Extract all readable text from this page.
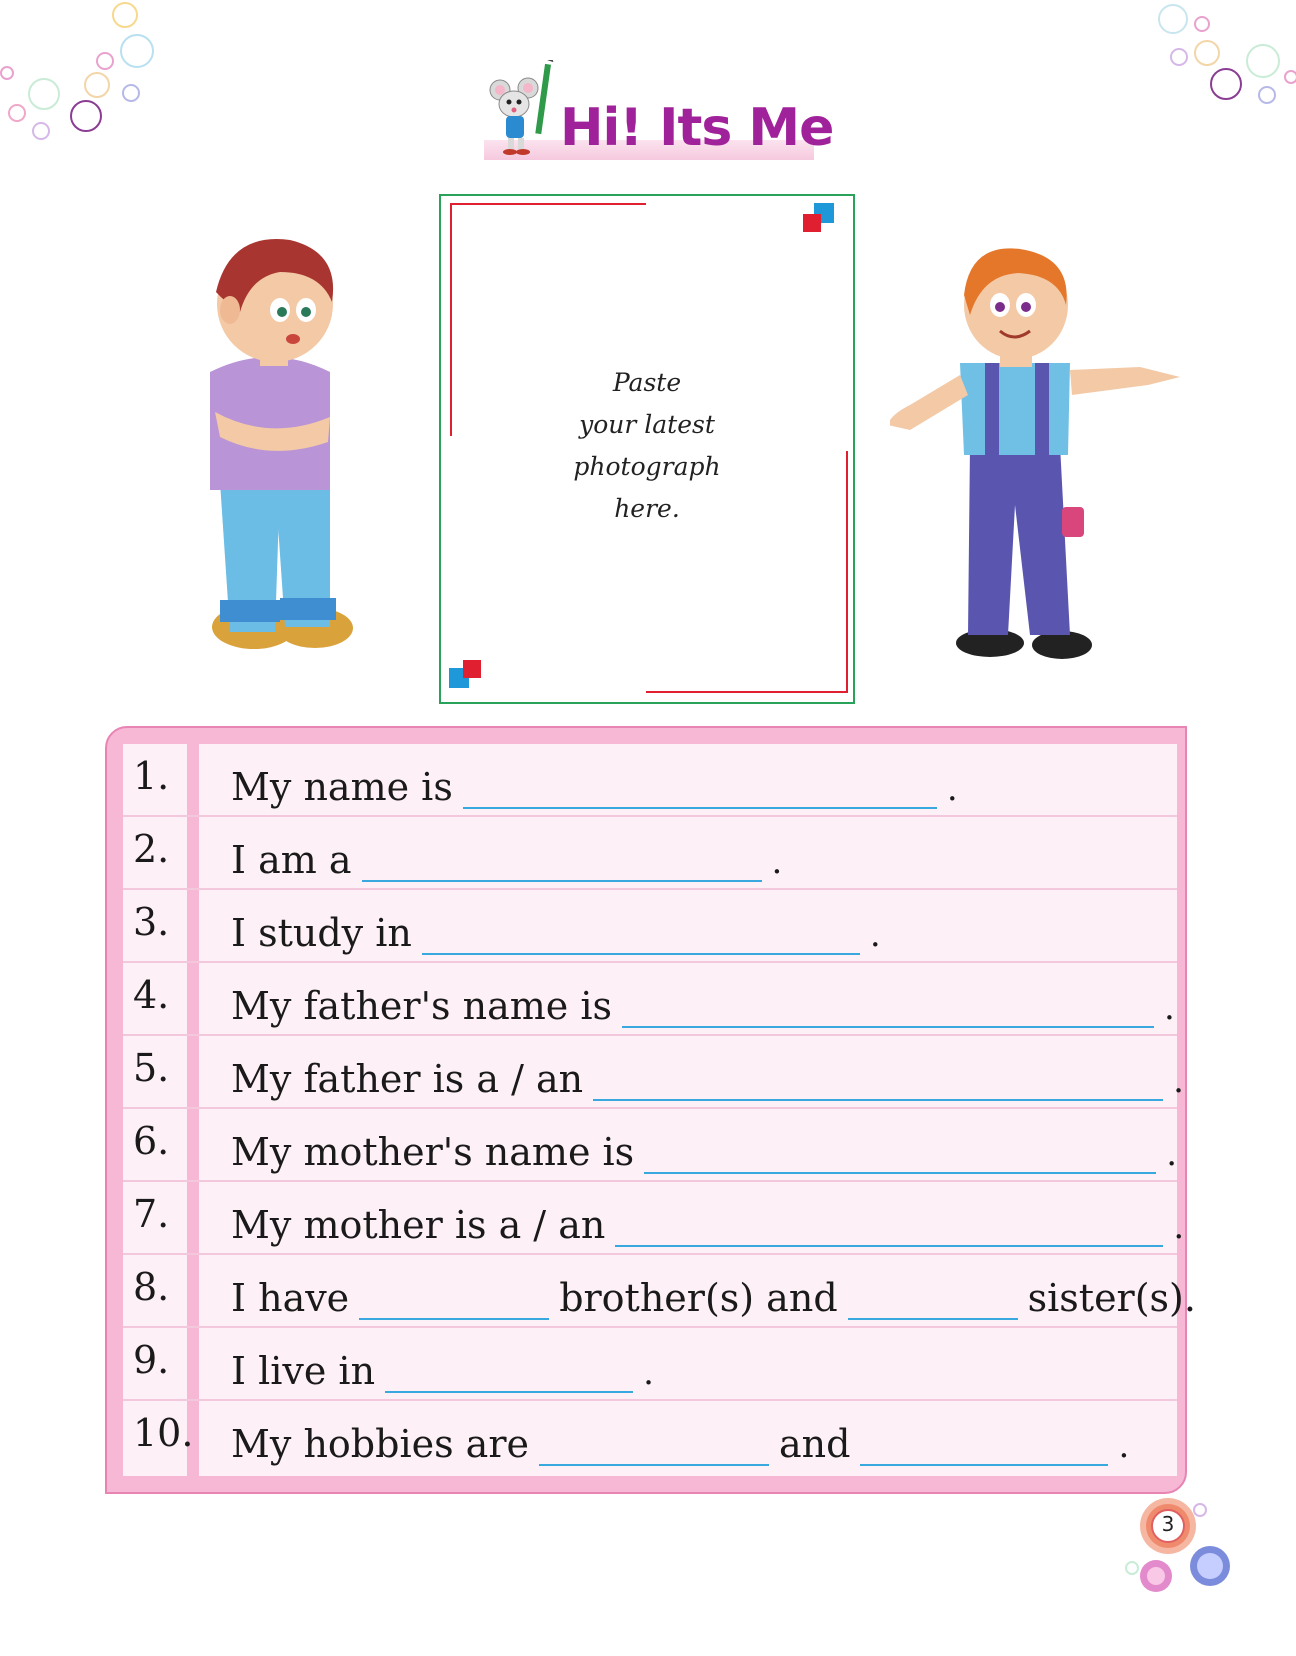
Hi! Its Me
Paste
your latest
photograph
here.
1. My name is	.
2. I am a	.
3. I study in	.
4. My father's name is	.
5. My father is a / an	.
6. My mother's name is	.
7. My mother is a / an	.
8. I have	brother(s) and	sister(s).
9. I live in	.
10. My hobbies are	and	.
3
